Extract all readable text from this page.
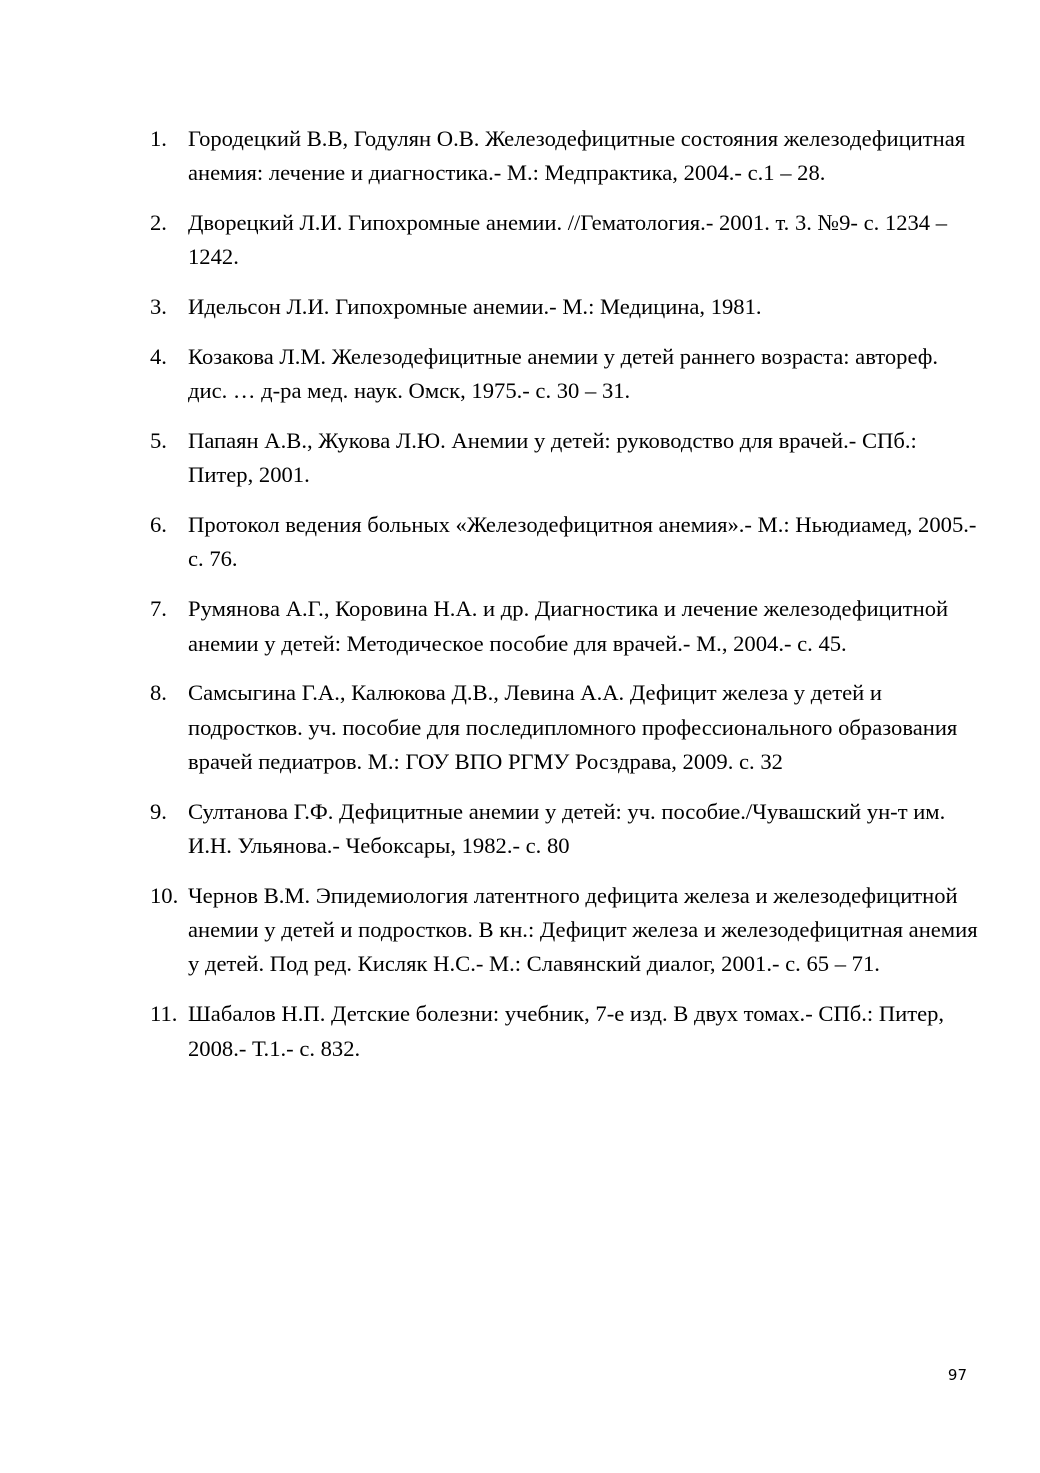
1. Городецкий В.В, Годулян О.В. Железодефицитные состояния железодефицитная анемия: лечение и диагностика.- М.: Медпрактика, 2004.- с.1 – 28.
2. Дворецкий Л.И. Гипохромные анемии. //Гематология.- 2001. т. 3. №9- с. 1234 – 1242.
3. Идельсон Л.И. Гипохромные анемии.- М.: Медицина, 1981.
4. Козакова Л.М. Железодефицитные анемии у детей раннего возраста: автореф. дис. … д-ра мед. наук. Омск, 1975.- с. 30 – 31.
5. Папаян А.В., Жукова Л.Ю. Анемии у детей: руководство для врачей.- СПб.: Питер, 2001.
6. Протокол ведения больных «Железодефицитноя анемия».- М.: Ньюдиамед, 2005.- с. 76.
7. Румянова А.Г., Коровина Н.А. и др. Диагностика и лечение железодефицитной анемии у детей: Методическое пособие для врачей.- М., 2004.- с. 45.
8. Самсыгина Г.А., Калюкова Д.В., Левина А.А. Дефицит железа у детей и подростков. уч. пособие для последипломного профессионального образования врачей педиатров. М.: ГОУ ВПО РГМУ Росздрава, 2009. с. 32
9. Султанова Г.Ф. Дефицитные анемии у детей: уч. пособие./Чувашский ун-т им. И.Н. Ульянова.- Чебоксары, 1982.- с. 80
10. Чернов В.М. Эпидемиология латентного дефицита железа и железодефицитной анемии у детей и подростков. В кн.: Дефицит железа и железодефицитная анемия у детей. Под ред. Кисляк Н.С.- М.: Славянский диалог, 2001.- с. 65 – 71.
11. Шабалов Н.П. Детские болезни: учебник, 7-е изд. В двух томах.- СПб.: Питер, 2008.- Т.1.- с. 832.
97
